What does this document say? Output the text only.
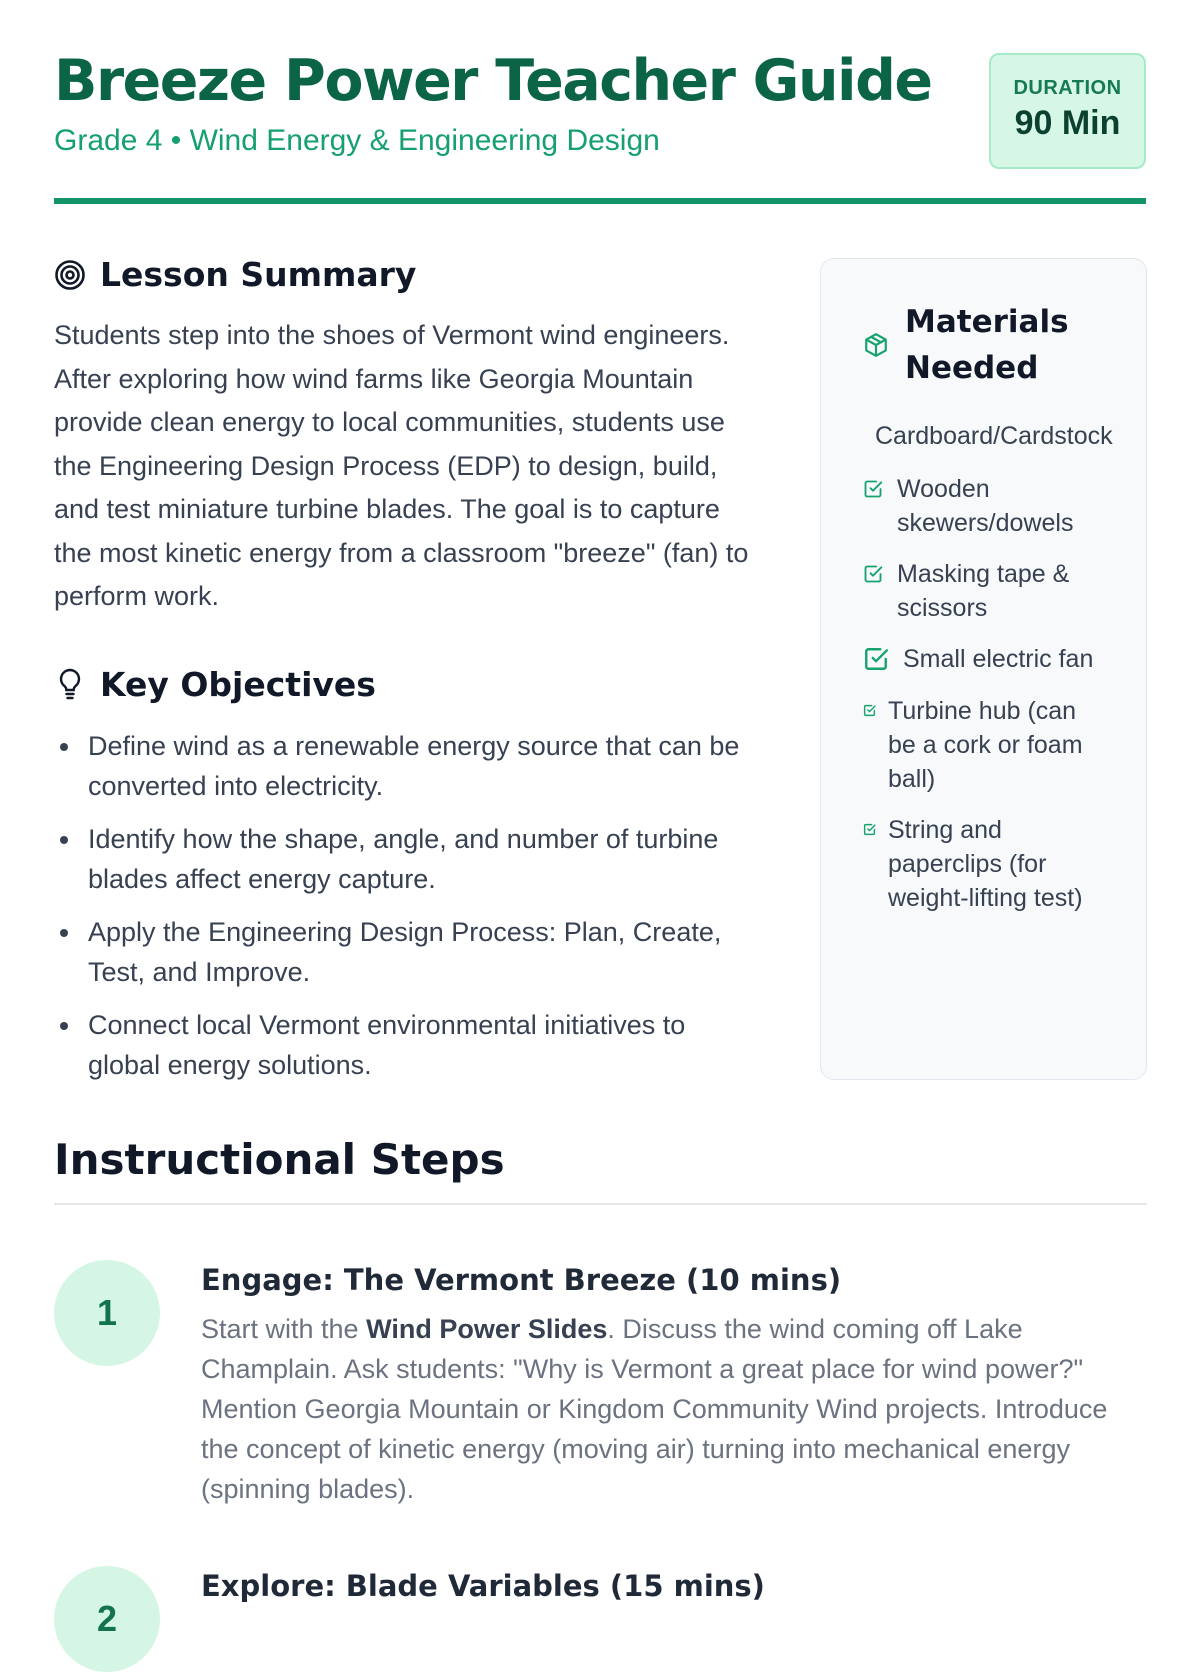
Breeze Power Teacher Guide
Grade 4 • Wind Energy & Engineering Design
DURATION
90 Min
Lesson Summary

Students step into the shoes of Vermont wind engineers. After exploring how wind farms like Georgia Mountain provide clean energy to local communities, students use the Engineering Design Process (EDP) to design, build, and test miniature turbine blades. The goal is to capture the most kinetic energy from a classroom "breeze" (fan) to perform work.

Key Objectives
Define wind as a renewable energy source that can be converted into electricity.
Identify how the shape, angle, and number of turbine blades affect energy capture.
Apply the Engineering Design Process: Plan, Create, Test, and Improve.
Connect local Vermont environmental initiatives to global energy solutions.
Materials
Needed
Cardboard/Cardstock
Wooden skewers/dowels
Masking tape & scissors
Small electric fan
Turbine hub (can be a cork or foam ball)
String and paperclips (for weight-lifting test)
Instructional Steps
1
Engage: The Vermont Breeze (10 mins)

Start with the Wind Power Slides. Discuss the wind coming off Lake Champlain. Ask students: "Why is Vermont a great place for wind power?" Mention Georgia Mountain or Kingdom Community Wind projects. Introduce the concept of kinetic energy (moving air) turning into mechanical energy (spinning blades).

2
Explore: Blade Variables (15 mins)
